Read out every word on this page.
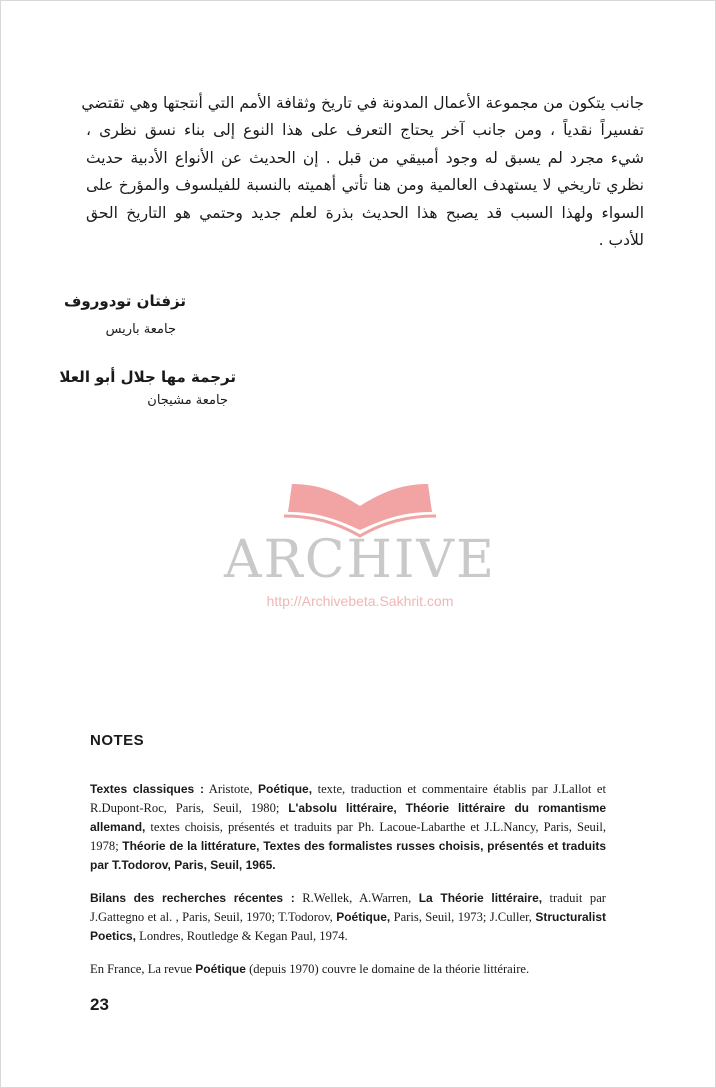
جانب يتكون من مجموعة الأعمال المدونة في تاريخ وثقافة الأمم التي أنتجتها وهي تقتضي
تفسيراً نقدياً ، ومن جانب آخر يحتاج التعرف على هذا النوع إلى بناء نسق نظرى ،
شيء مجرد لم يسبق له وجود أمبيقي من قبل . إن الحديث عن الأنواع الأدبية حديث
نظري تاريخي لا يستهدف العالمية ومن هنا تأتي أهميته بالنسبة للفيلسوف والمؤرخ على
السواء ولهذا السبب قد يصبح هذا الحديث بذرة لعلم جديد وحتمي هو التاريخ الحق
للأدب .
تزفتان تودوروف
جامعة باريس
ترجمة مها جلال أبو العلا
جامعة مشيجان
ARCHIVE
http://Archivebeta.Sakhrit.com
NOTES
Textes classiques : Aristote, Poétique, texte, traduction et commentaire établis par J.Lallot et R.Dupont-Roc, Paris, Seuil, 1980; L'absolu littéraire, Théorie littéraire du romantisme allemand, textes choisis, présentés et traduits par Ph. Lacoue-Labarthe et J.L.Nancy, Paris, Seuil, 1978; Théorie de la littérature, Textes des formalistes russes choisis, présentés et traduits par T.Todorov, Paris, Seuil, 1965.
Bilans des recherches récentes : R.Wellek, A.Warren, La Théorie littéraire, traduit par J.Gattegno et al. , Paris, Seuil, 1970; T.Todorov, Poétique, Paris, Seuil, 1973; J.Culler, Structuralist Poetics, Londres, Routledge & Kegan Paul, 1974.
En France, La revue Poétique (depuis 1970) couvre le domaine de la théorie littéraire.
23
